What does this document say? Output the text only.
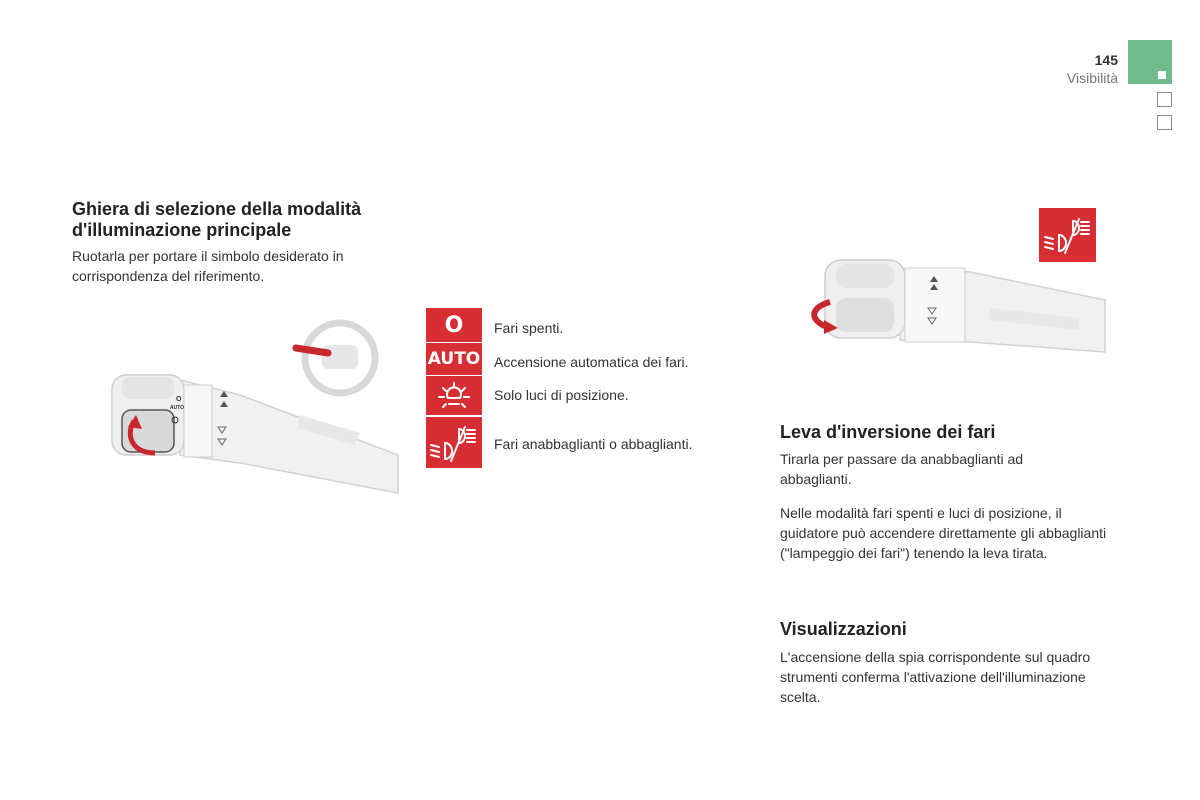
145
Visibilità
Ghiera di selezione della modalità d'illuminazione principale
Ruotarla per portare il simbolo desiderato in corrispondenza del riferimento.
O
AUTO
O
AUTO
Fari spenti.
Accensione automatica dei fari.
Solo luci di posizione.
Fari anabbaglianti o abbaglianti.
Leva d'inversione dei fari
Tirarla per passare da anabbaglianti ad abbaglianti.
Nelle modalità fari spenti e luci di posizione, il guidatore può accendere direttamente gli abbaglianti ("lampeggio dei fari") tenendo la leva tirata.
Visualizzazioni
L'accensione della spia corrispondente sul quadro strumenti conferma l'attivazione dell'illuminazione scelta.
